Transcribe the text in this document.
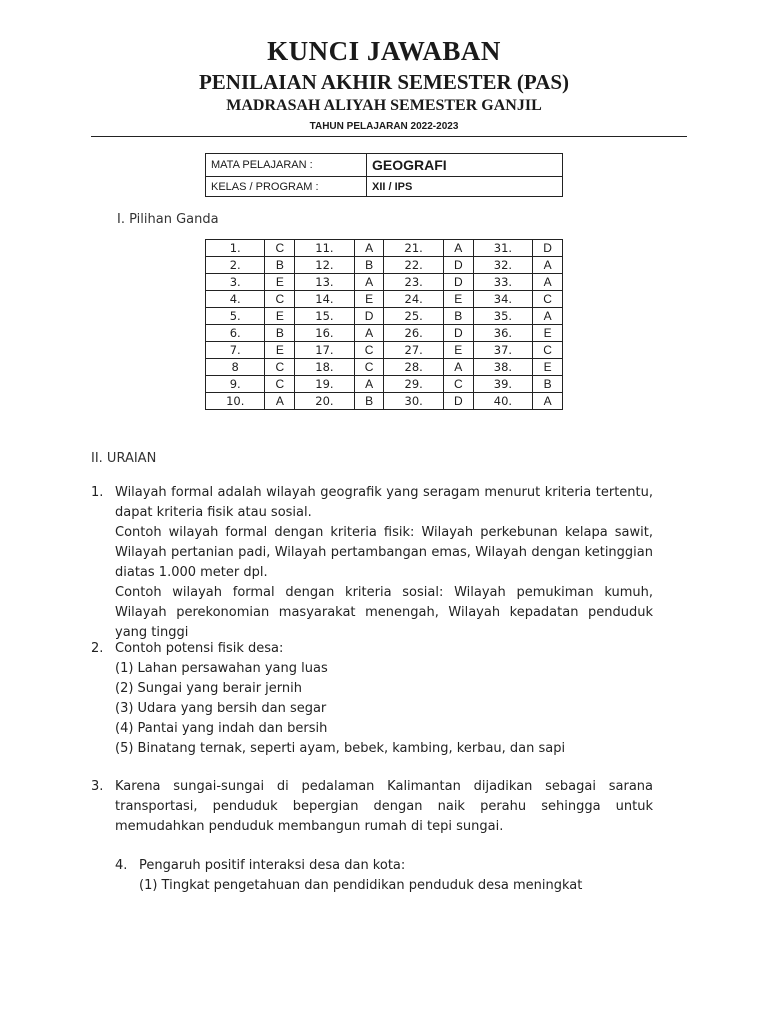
KUNCI JAWABAN
PENILAIAN AKHIR SEMESTER (PAS)
MADRASAH ALIYAH SEMESTER GANJIL
TAHUN PELAJARAN 2022-2023
MATA PELAJARAN :	GEOGRAFI
KELAS / PROGRAM :	XII / IPS
I. Pilihan Ganda
1.	C	11.	A	21.	A	31.	D
2.	B	12.	B	22.	D	32.	A
3.	E	13.	A	23.	D	33.	A
4.	C	14.	E	24.	E	34.	C
5.	E	15.	D	25.	B	35.	A
6.	B	16.	A	26.	D	36.	E
7.	E	17.	C	27.	E	37.	C
8	C	18.	C	28.	A	38.	E
9.	C	19.	A	29.	C	39.	B
10.	A	20.	B	30.	D	40.	A
II. URAIAN
1. Wilayah formal adalah wilayah geografik yang seragam menurut kriteria tertentu, dapat kriteria fisik atau sosial.

Contoh wilayah formal dengan kriteria fisik: Wilayah perkebunan kelapa sawit, Wilayah pertanian padi, Wilayah pertambangan emas, Wilayah dengan ketinggian diatas 1.000 meter dpl.

Contoh wilayah formal dengan kriteria sosial: Wilayah pemukiman kumuh, Wilayah perekonomian masyarakat menengah, Wilayah kepadatan penduduk yang tinggi

2. Contoh potensi fisik desa:

(1) Lahan persawahan yang luas

(2) Sungai yang berair jernih

(3) Udara yang bersih dan segar

(4) Pantai yang indah dan bersih

(5) Binatang ternak, seperti ayam, bebek, kambing, kerbau, dan sapi

3. Karena sungai-sungai di pedalaman Kalimantan dijadikan sebagai sarana transportasi, penduduk bepergian dengan naik perahu sehingga untuk memudahkan penduduk membangun rumah di tepi sungai.

4. Pengaruh positif interaksi desa dan kota:

(1) Tingkat pengetahuan dan pendidikan penduduk desa meningkat
